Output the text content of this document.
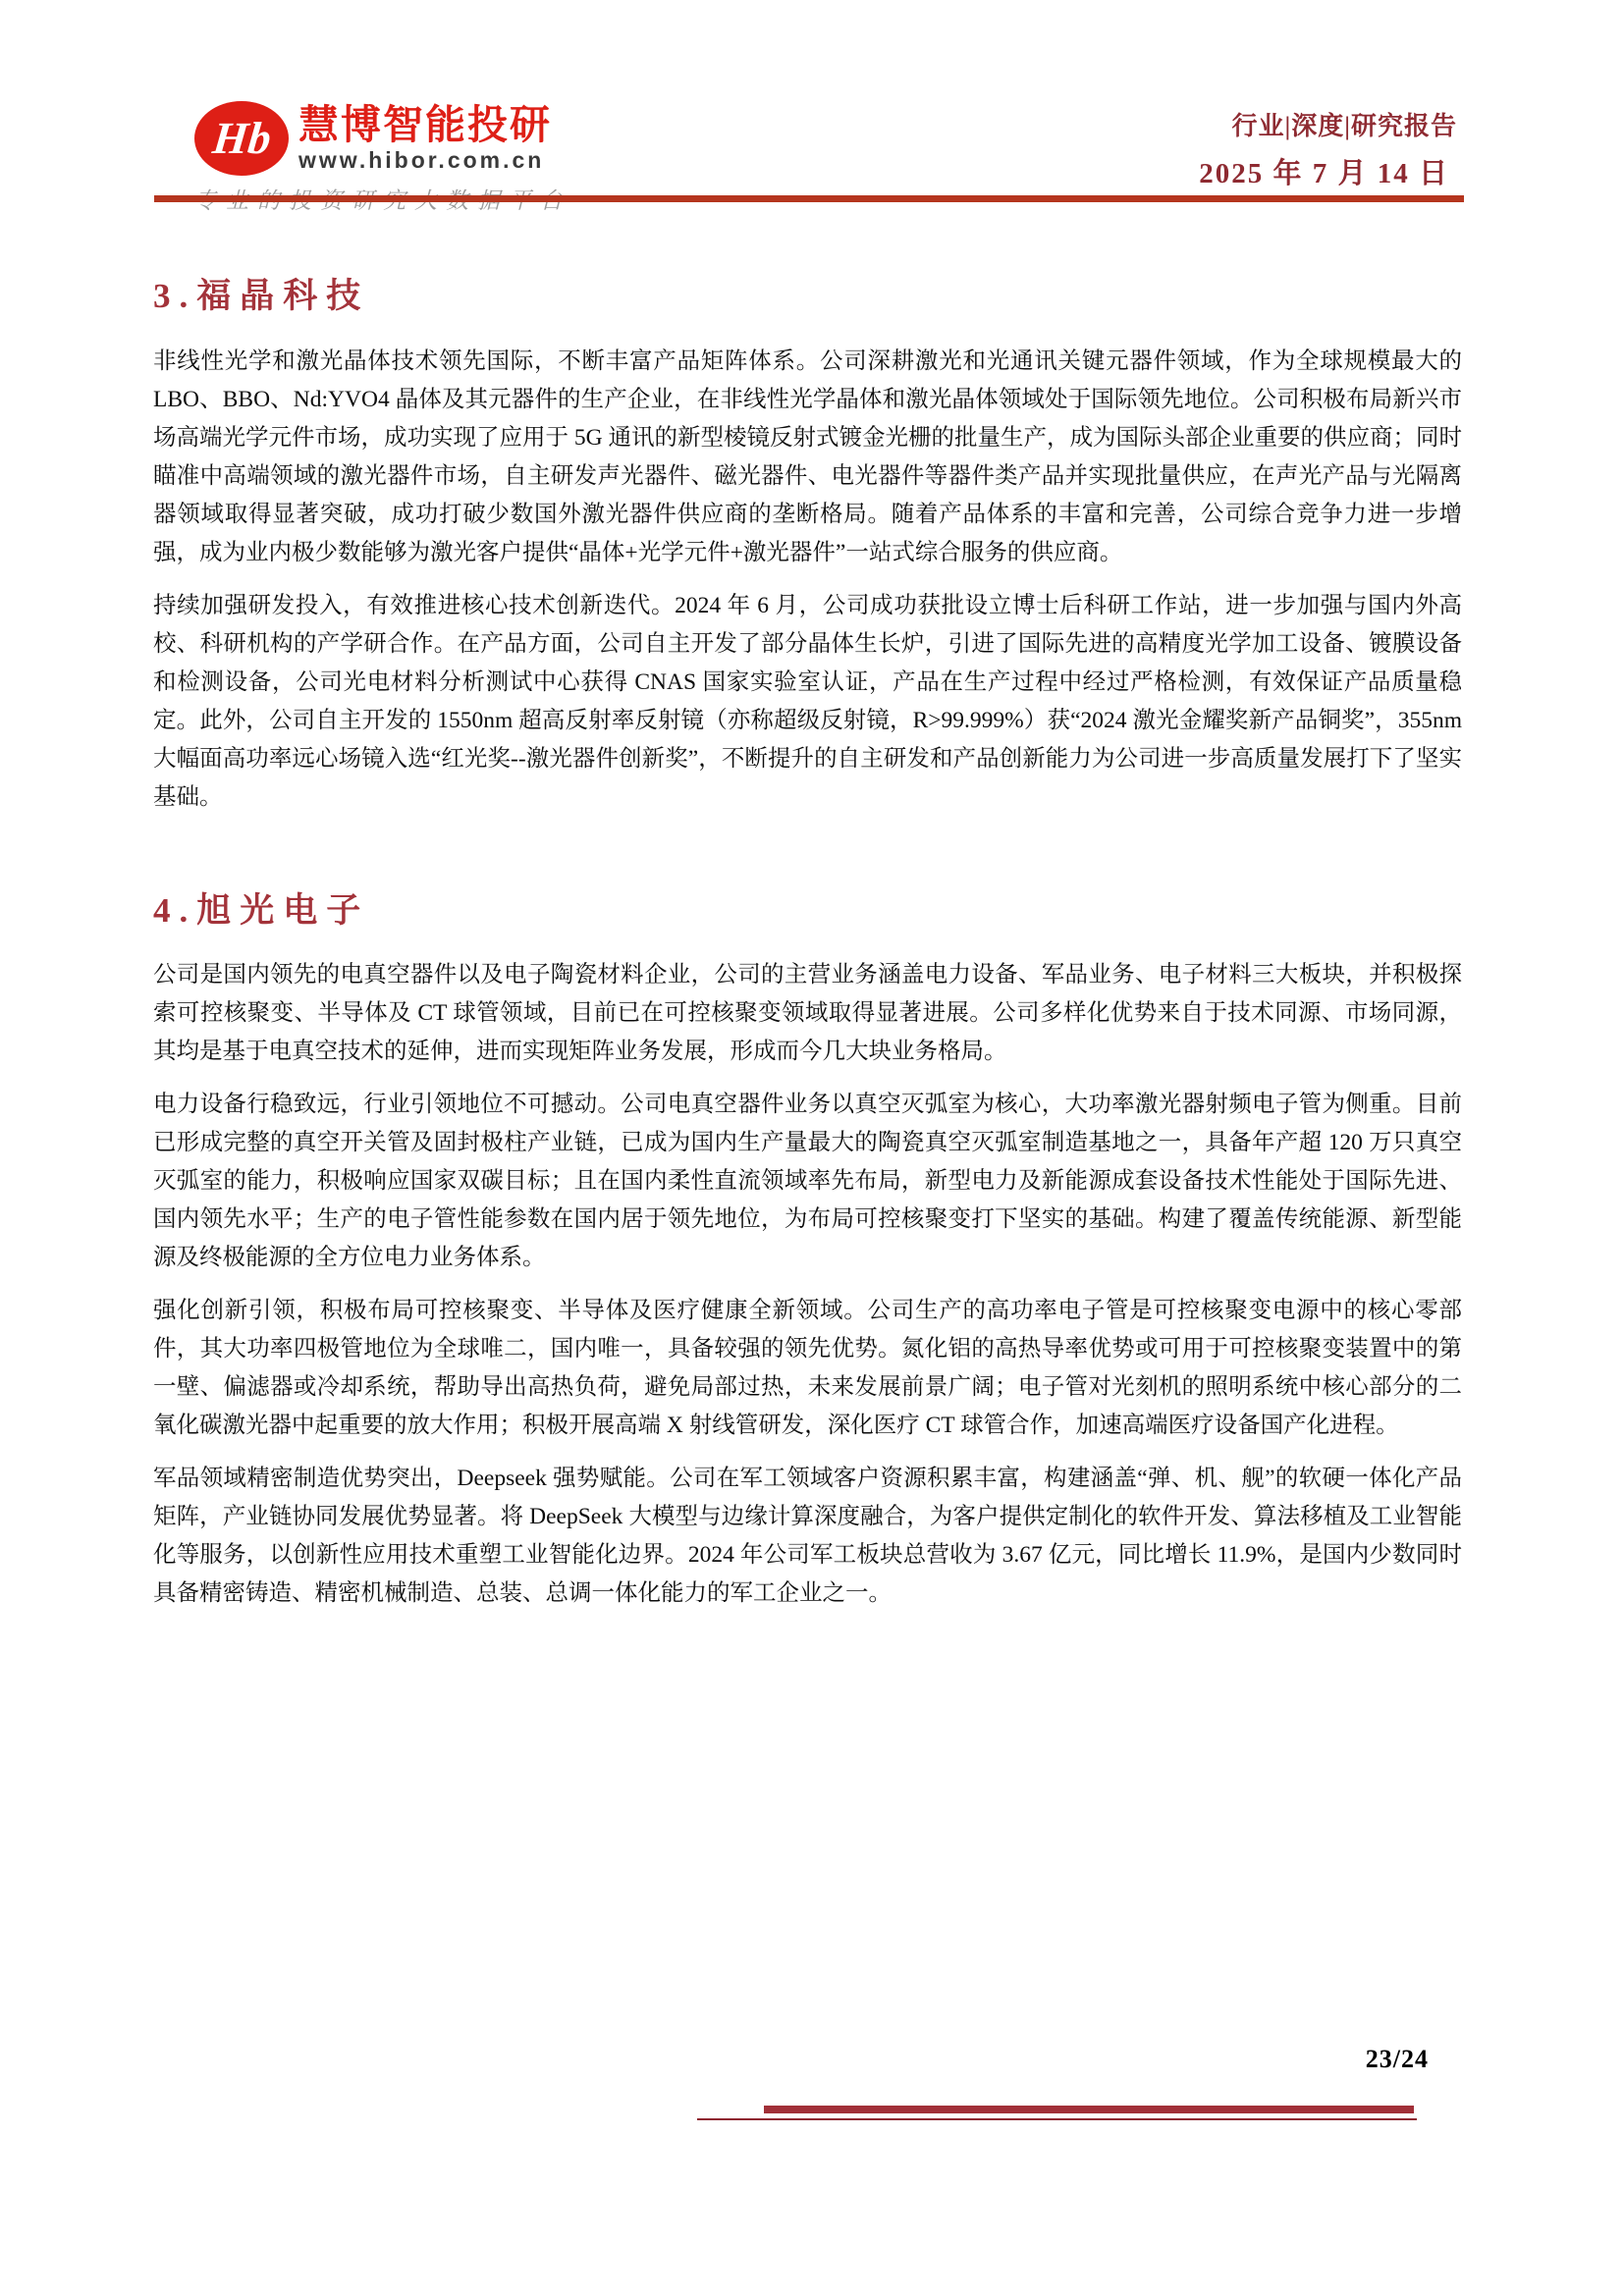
Hb 慧博智能投研
www.hibor.com.cn
行业|深度|研究报告
2025 年 7 月 14 日
3.福晶科技

非线性光学和激光晶体技术领先国际，不断丰富产品矩阵体系。公司深耕激光和光通讯关键元器件领域，作为全球规模最大的 LBO、BBO、Nd:YVO4 晶体及其元器件的生产企业，在非线性光学晶体和激光晶体领域处于国际领先地位。公司积极布局新兴市场高端光学元件市场，成功实现了应用于 5G 通讯的新型棱镜反射式镀金光栅的批量生产，成为国际头部企业重要的供应商；同时瞄准中高端领域的激光器件市场，自主研发声光器件、磁光器件、电光器件等器件类产品并实现批量供应，在声光产品与光隔离器领域取得显著突破，成功打破少数国外激光器件供应商的垄断格局。随着产品体系的丰富和完善，公司综合竞争力进一步增强，成为业内极少数能够为激光客户提供“晶体+光学元件+激光器件”一站式综合服务的供应商。

持续加强研发投入，有效推进核心技术创新迭代。2024 年 6 月，公司成功获批设立博士后科研工作站，进一步加强与国内外高校、科研机构的产学研合作。在产品方面，公司自主开发了部分晶体生长炉，引进了国际先进的高精度光学加工设备、镀膜设备和检测设备，公司光电材料分析测试中心获得 CNAS 国家实验室认证，产品在生产过程中经过严格检测，有效保证产品质量稳定。此外，公司自主开发的 1550nm 超高反射率反射镜（亦称超级反射镜，R>99.999%）获“2024 激光金耀奖新产品铜奖”，355nm 大幅面高功率远心场镜入选“红光奖--激光器件创新奖”，不断提升的自主研发和产品创新能力为公司进一步高质量发展打下了坚实基础。

4.旭光电子

公司是国内领先的电真空器件以及电子陶瓷材料企业，公司的主营业务涵盖电力设备、军品业务、电子材料三大板块，并积极探索可控核聚变、半导体及 CT 球管领域，目前已在可控核聚变领域取得显著进展。公司多样化优势来自于技术同源、市场同源，其均是基于电真空技术的延伸，进而实现矩阵业务发展，形成而今几大块业务格局。

电力设备行稳致远，行业引领地位不可撼动。公司电真空器件业务以真空灭弧室为核心，大功率激光器射频电子管为侧重。目前已形成完整的真空开关管及固封极柱产业链，已成为国内生产量最大的陶瓷真空灭弧室制造基地之一，具备年产超 120 万只真空灭弧室的能力，积极响应国家双碳目标；且在国内柔性直流领域率先布局，新型电力及新能源成套设备技术性能处于国际先进、国内领先水平；生产的电子管性能参数在国内居于领先地位，为布局可控核聚变打下坚实的基础。构建了覆盖传统能源、新型能源及终极能源的全方位电力业务体系。

强化创新引领，积极布局可控核聚变、半导体及医疗健康全新领域。公司生产的高功率电子管是可控核聚变电源中的核心零部件，其大功率四极管地位为全球唯二，国内唯一，具备较强的领先优势。氮化铝的高热导率优势或可用于可控核聚变装置中的第一壁、偏滤器或冷却系统，帮助导出高热负荷，避免局部过热，未来发展前景广阔；电子管对光刻机的照明系统中核心部分的二氧化碳激光器中起重要的放大作用；积极开展高端 X 射线管研发，深化医疗 CT 球管合作，加速高端医疗设备国产化进程。

军品领域精密制造优势突出，Deepseek 强势赋能。公司在军工领域客户资源积累丰富，构建涵盖“弹、机、舰”的软硬一体化产品矩阵，产业链协同发展优势显著。将 DeepSeek 大模型与边缘计算深度融合，为客户提供定制化的软件开发、算法移植及工业智能化等服务，以创新性应用技术重塑工业智能化边界。2024 年公司军工板块总营收为 3.67 亿元，同比增长 11.9%，是国内少数同时具备精密铸造、精密机械制造、总装、总调一体化能力的军工企业之一。

23/24
